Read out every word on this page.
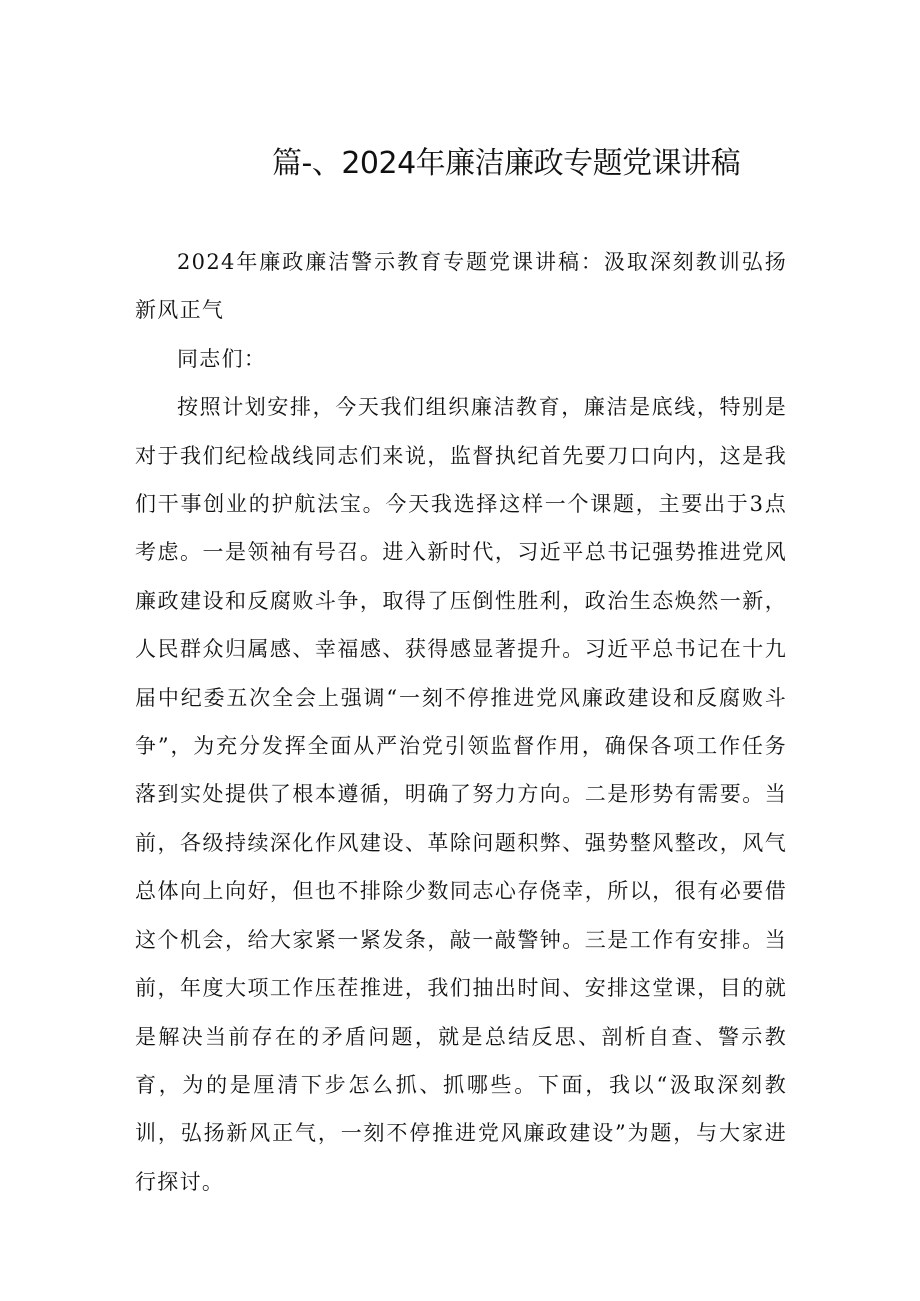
篇-、2024年廉洁廉政专题党课讲稿

2024年廉政廉洁警示教育专题党课讲稿：汲取深刻教训弘扬新风正气

同志们：

按照计划安排，今天我们组织廉洁教育，廉洁是底线，特别是对于我们纪检战线同志们来说，监督执纪首先要刀口向内，这是我们干事创业的护航法宝。今天我选择这样一个课题，主要出于3点考虑。一是领袖有号召。进入新时代，习近平总书记强势推进党风廉政建设和反腐败斗争，取得了压倒性胜利，政治生态焕然一新，人民群众归属感、幸福感、获得感显著提升。习近平总书记在十九届中纪委五次全会上强调“一刻不停推进党风廉政建设和反腐败斗争”，为充分发挥全面从严治党引领监督作用，确保各项工作任务落到实处提供了根本遵循，明确了努力方向。二是形势有需要。当前，各级持续深化作风建设、革除问题积弊、强势整风整改，风气总体向上向好，但也不排除少数同志心存侥幸，所以，很有必要借这个机会，给大家紧一紧发条，敲一敲警钟。三是工作有安排。当前，年度大项工作压茬推进，我们抽出时间、安排这堂课，目的就是解决当前存在的矛盾问题，就是总结反思、剖析自查、警示教育，为的是厘清下步怎么抓、抓哪些。下面，我以“汲取深刻教训，弘扬新风正气，一刻不停推进党风廉政建设”为题，与大家进行探讨。
